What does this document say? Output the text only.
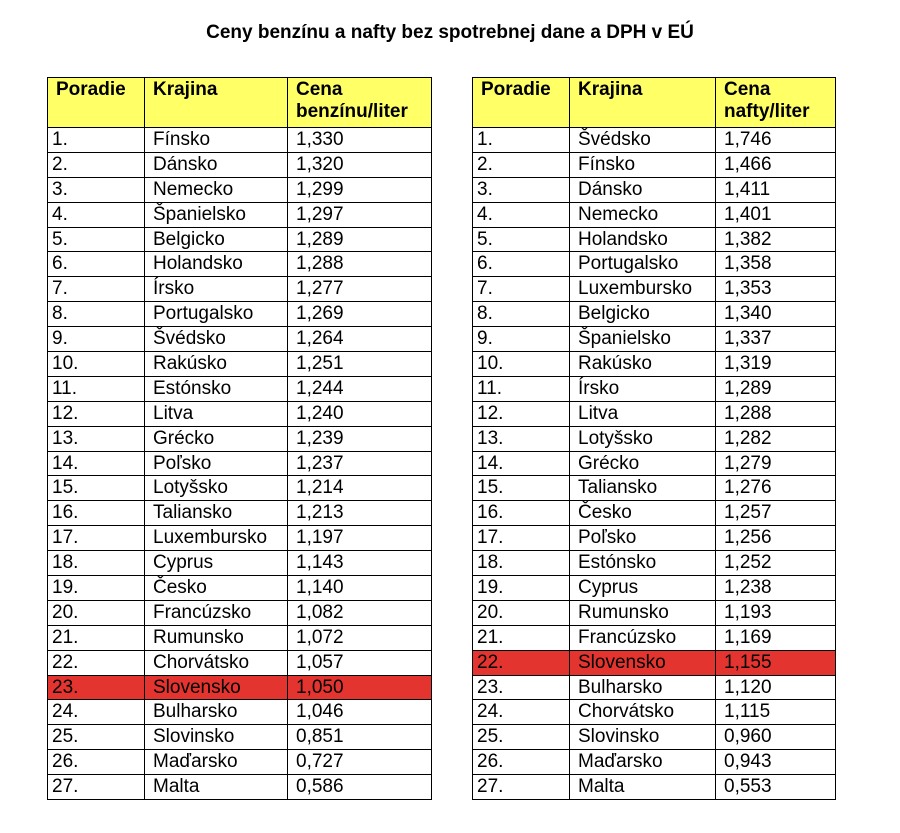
Ceny benzínu a nafty bez spotrebnej dane a DPH v EÚ
Poradie	Krajina	Cena benzínu/liter
1.	Fínsko	1,330
2.	Dánsko	1,320
3.	Nemecko	1,299
4.	Španielsko	1,297
5.	Belgicko	1,289
6.	Holandsko	1,288
7.	Írsko	1,277
8.	Portugalsko	1,269
9.	Švédsko	1,264
10.	Rakúsko	1,251
11.	Estónsko	1,244
12.	Litva	1,240
13.	Grécko	1,239
14.	Poľsko	1,237
15.	Lotyšsko	1,214
16.	Taliansko	1,213
17.	Luxembursko	1,197
18.	Cyprus	1,143
19.	Česko	1,140
20.	Francúzsko	1,082
21.	Rumunsko	1,072
22.	Chorvátsko	1,057
23.	Slovensko	1,050
24.	Bulharsko	1,046
25.	Slovinsko	0,851
26.	Maďarsko	0,727
27.	Malta	0,586
Poradie	Krajina	Cena nafty/liter
1.	Švédsko	1,746
2.	Fínsko	1,466
3.	Dánsko	1,411
4.	Nemecko	1,401
5.	Holandsko	1,382
6.	Portugalsko	1,358
7.	Luxembursko	1,353
8.	Belgicko	1,340
9.	Španielsko	1,337
10.	Rakúsko	1,319
11.	Írsko	1,289
12.	Litva	1,288
13.	Lotyšsko	1,282
14.	Grécko	1,279
15.	Taliansko	1,276
16.	Česko	1,257
17.	Poľsko	1,256
18.	Estónsko	1,252
19.	Cyprus	1,238
20.	Rumunsko	1,193
21.	Francúzsko	1,169
22.	Slovensko	1,155
23.	Bulharsko	1,120
24.	Chorvátsko	1,115
25.	Slovinsko	0,960
26.	Maďarsko	0,943
27.	Malta	0,553
